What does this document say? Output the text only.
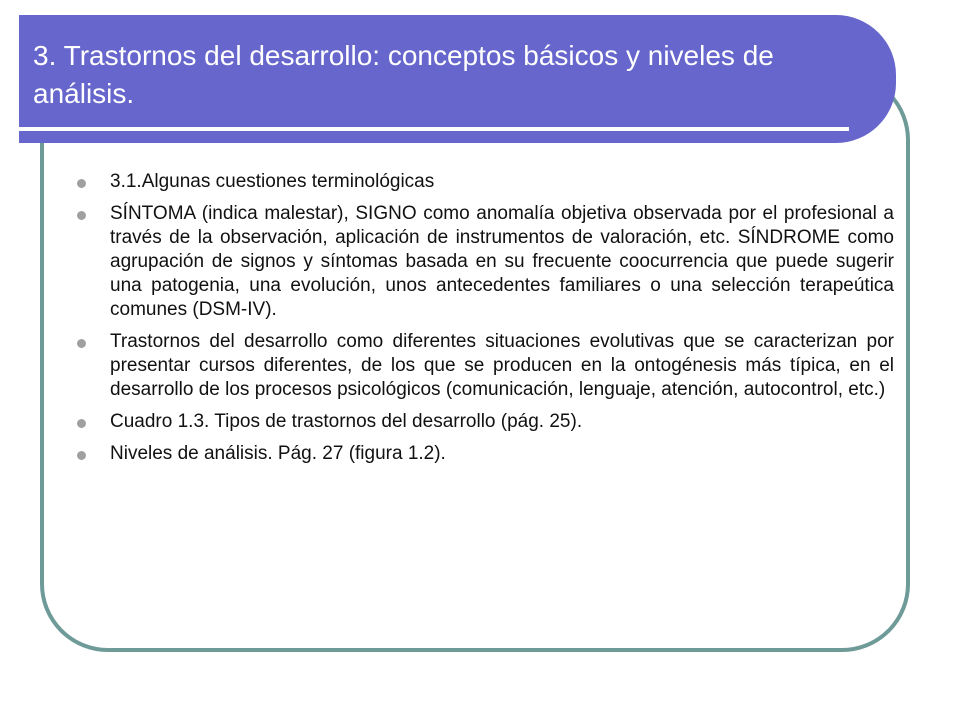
3. Trastornos del desarrollo: conceptos básicos y niveles de análisis.
3.1.Algunas cuestiones terminológicas
SÍNTOMA (indica malestar), SIGNO como anomalía objetiva observada por el profesional a través de la observación, aplicación de instrumentos de valoración, etc. SÍNDROME como agrupación de signos y síntomas basada en su frecuente coocurrencia que puede sugerir una patogenia, una evolución, unos antecedentes familiares o una selección terapeútica comunes (DSM-IV).
Trastornos del desarrollo como diferentes situaciones evolutivas que se caracterizan por presentar cursos diferentes, de los que se producen en la ontogénesis más típica, en el desarrollo de los procesos psicológicos (comunicación, lenguaje, atención, autocontrol, etc.)
Cuadro 1.3. Tipos de trastornos del desarrollo (pág. 25).
Niveles de análisis. Pág. 27 (figura 1.2).
